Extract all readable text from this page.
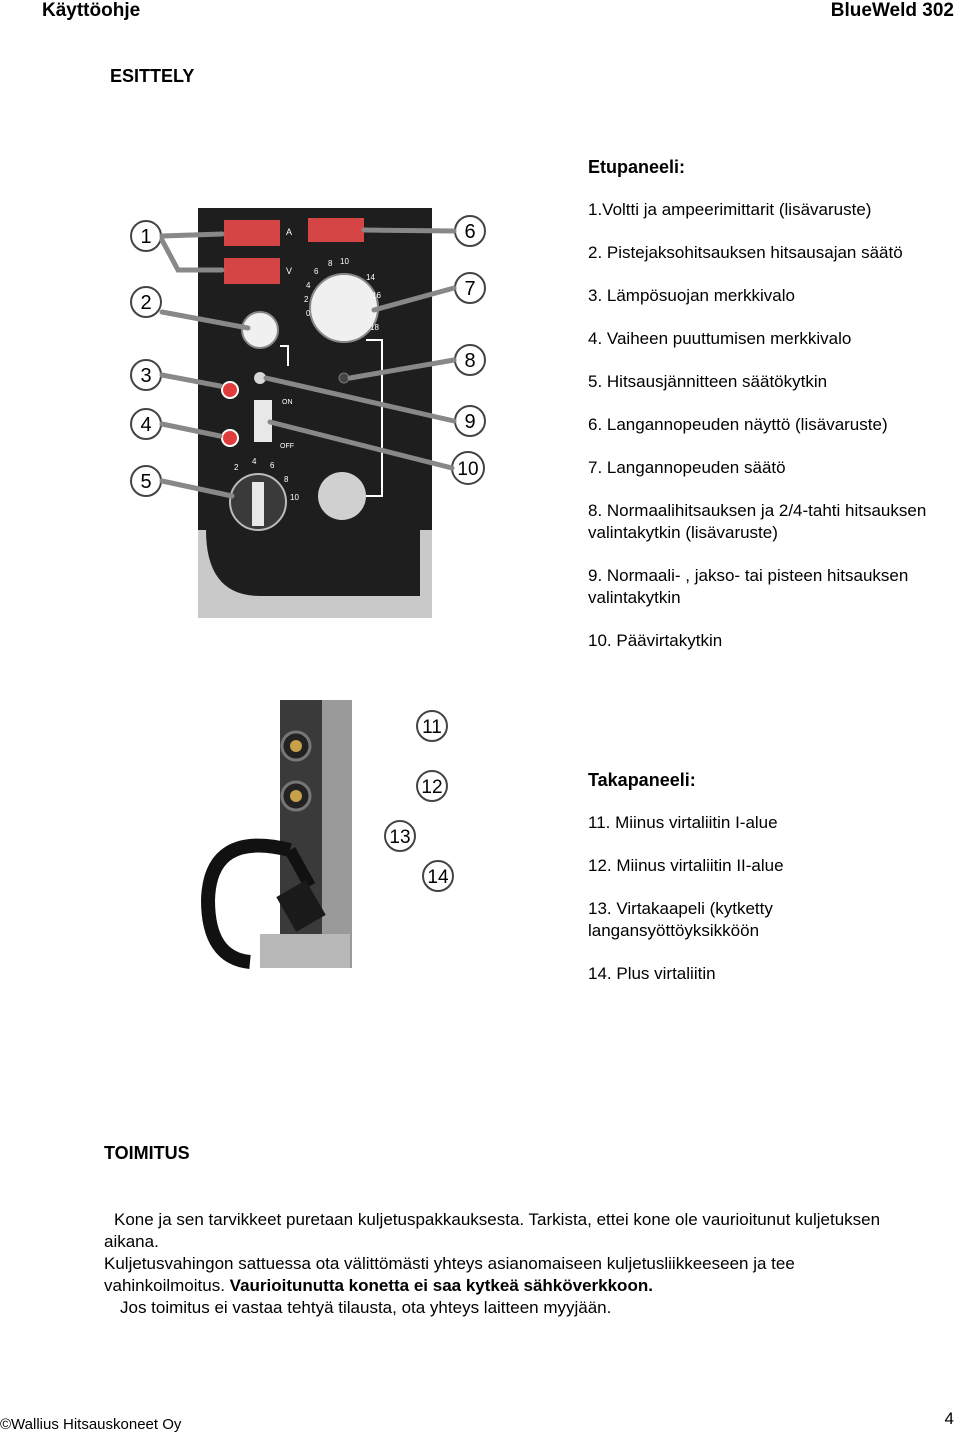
Käyttöohje	BlueWeld 302
ESITTELY
A
V
0
2
4
6
8 10
14
16
18
ON
OFF
2
4 6
8
10
1
2
3
4
5
6
7
8
9
10
11
12
13
14
Etupaneeli:

1.Voltti ja ampeerimittarit (lisävaruste)

2. Pistejaksohitsauksen hitsausajan säätö

3. Lämpösuojan merkkivalo

4. Vaiheen puuttumisen merkkivalo

5. Hitsausjännitteen säätökytkin

6. Langannopeuden näyttö (lisävaruste)

7. Langannopeuden säätö

8. Normaalihitsauksen ja 2/4-tahti hitsauksen valintakytkin (lisävaruste)

9. Normaali- , jakso- tai pisteen hitsauksen valintakytkin

10. Päävirtakytkin

Takapaneeli:

11. Miinus virtaliitin I-alue

12. Miinus virtaliitin II-alue

13. Virtakaapeli (kytketty langansyöttöyksikköön

14. Plus virtaliitin

TOIMITUS

Kone ja sen tarvikkeet puretaan kuljetuspakkauksesta. Tarkista, ettei kone ole vaurioitunut kuljetuksen aikana.

Kuljetusvahingon sattuessa ota välittömästi yhteys asianomaiseen kuljetusliikkeeseen ja tee vahinkoilmoitus. Vaurioitunutta konetta ei saa kytkeä sähköverkkoon.

Jos toimitus ei vastaa tehtyä tilausta, ota yhteys laitteen myyjään.

©Wallius Hitsauskoneet Oy	4
